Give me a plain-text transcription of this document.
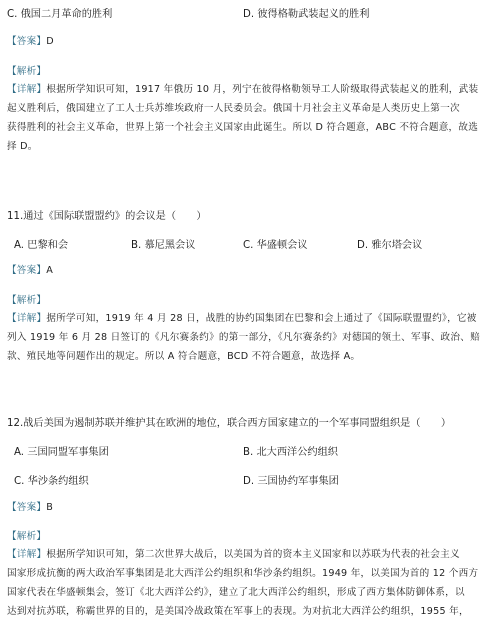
C. 俄国二月革命的胜利	D. 彼得格勒武装起义的胜利
【答案】D
【解析】
【详解】根据所学知识可知，1917 年俄历 10 月，列宁在彼得格勒领导工人阶级取得武装起义的胜利，武装
起义胜利后，俄国建立了工人士兵苏维埃政府一人民委员会。俄国十月社会主义革命是人类历史上第一次
获得胜利的社会主义革命，世界上第一个社会主义国家由此诞生。所以 D 符合题意，ABC 不符合题意，故选
择 D。
11.通过《国际联盟盟约》的会议是（　　）
A. 巴黎和会	B. 慕尼黑会议	C. 华盛顿会议	D. 雅尔塔会议
【答案】A
【解析】
【详解】据所学可知，1919 年 4 月 28 日，战胜的协约国集团在巴黎和会上通过了《国际联盟盟约》，它被
列入 1919 年 6 月 28 日签订的《凡尔赛条约》的第一部分，《凡尔赛条约》对德国的领土、军事、政治、赔
款、殖民地等问题作出的规定。所以 A 符合题意，BCD 不符合题意，故选择 A。
12.战后美国为遏制苏联并维护其在欧洲的地位，联合西方国家建立的一个军事同盟组织是（　　）
A. 三国同盟军事集团	B. 北大西洋公约组织
C. 华沙条约组织	D. 三国协约军事集团
【答案】B
【解析】
【详解】根据所学知识可知，第二次世界大战后，以美国为首的资本主义国家和以苏联为代表的社会主义
国家形成抗衡的两大政治军事集团是北大西洋公约组织和华沙条约组织。1949 年，以美国为首的 12 个西方
国家代表在华盛顿集会，签订《北大西洋公约》，建立了北大西洋公约组织，形成了西方集体防御体系，以
达到对抗苏联，称霸世界的目的，是美国冷战政策在军事上的表现。为对抗北大西洋公约组织，1955 年，
